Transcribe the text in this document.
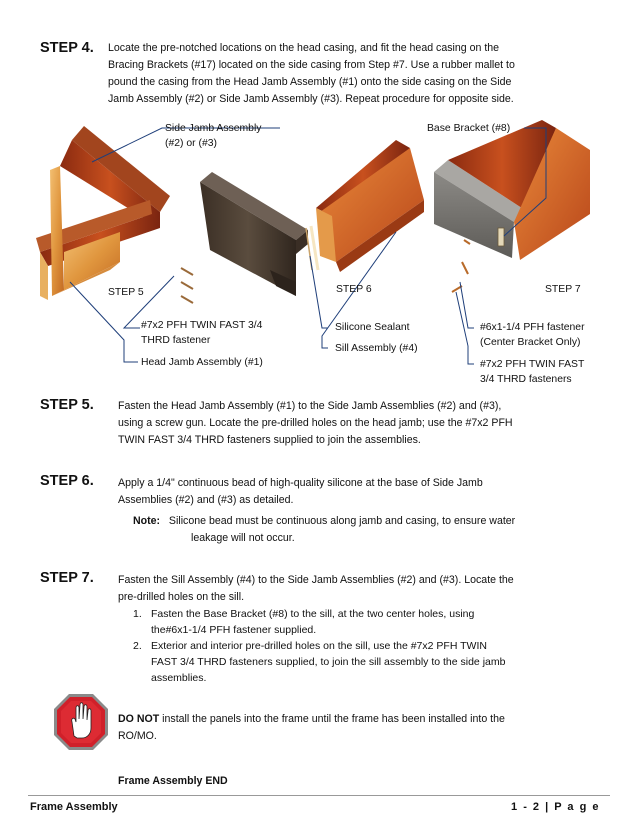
STEP 4. Locate the pre-notched locations on the head casing, and fit the head casing on the

Bracing Brackets (#17) located on the side casing from Step #7. Use a rubber mallet to

pound the casing from the Head Jamb Assembly (#1) onto the side casing on the Side

Jamb Assembly (#2) or Side Jamb Assembly (#3). Repeat procedure for opposite side.

Side Jamb Assembly
(#2) or (#3)
Base Bracket (#8)
STEP 5	STEP 6	STEP 7
#7x2 PFH TWIN FAST 3/4
THRD fastener
Head Jamb Assembly (#1)
Silicone Sealant
Sill Assembly (#4)
#6x1-1/4 PFH fastener
(Center Bracket Only)
#7x2 PFH TWIN FAST
3/4 THRD fasteners
STEP 5. Fasten the Head Jamb Assembly (#1) to the Side Jamb Assemblies (#2) and (#3),

using a screw gun. Locate the pre-drilled holes on the head jamb; use the #7x2 PFH

TWIN FAST 3/4 THRD fasteners supplied to join the assemblies.

STEP 6. Apply a 1/4" continuous bead of high-quality silicone at the base of Side Jamb

Assemblies (#2) and (#3) as detailed.

Note: Silicone bead must be continuous along jamb and casing, to ensure water

leakage will not occur.

STEP 7. Fasten the Sill Assembly (#4) to the Side Jamb Assemblies (#2) and (#3). Locate the

pre-drilled holes on the sill.

1. Fasten the Base Bracket (#8) to the sill, at the two center holes, using
the#6x1-1/4 PFH fastener supplied.
2. Exterior and interior pre-drilled holes on the sill, use the #7x2 PFH TWIN
FAST 3/4 THRD fasteners supplied, to join the sill assembly to the side jamb
assemblies.

DO NOT install the panels into the frame until the frame has been installed into the

RO/MO.

Frame Assembly END
Frame Assembly	1 - 2 | P a g e
